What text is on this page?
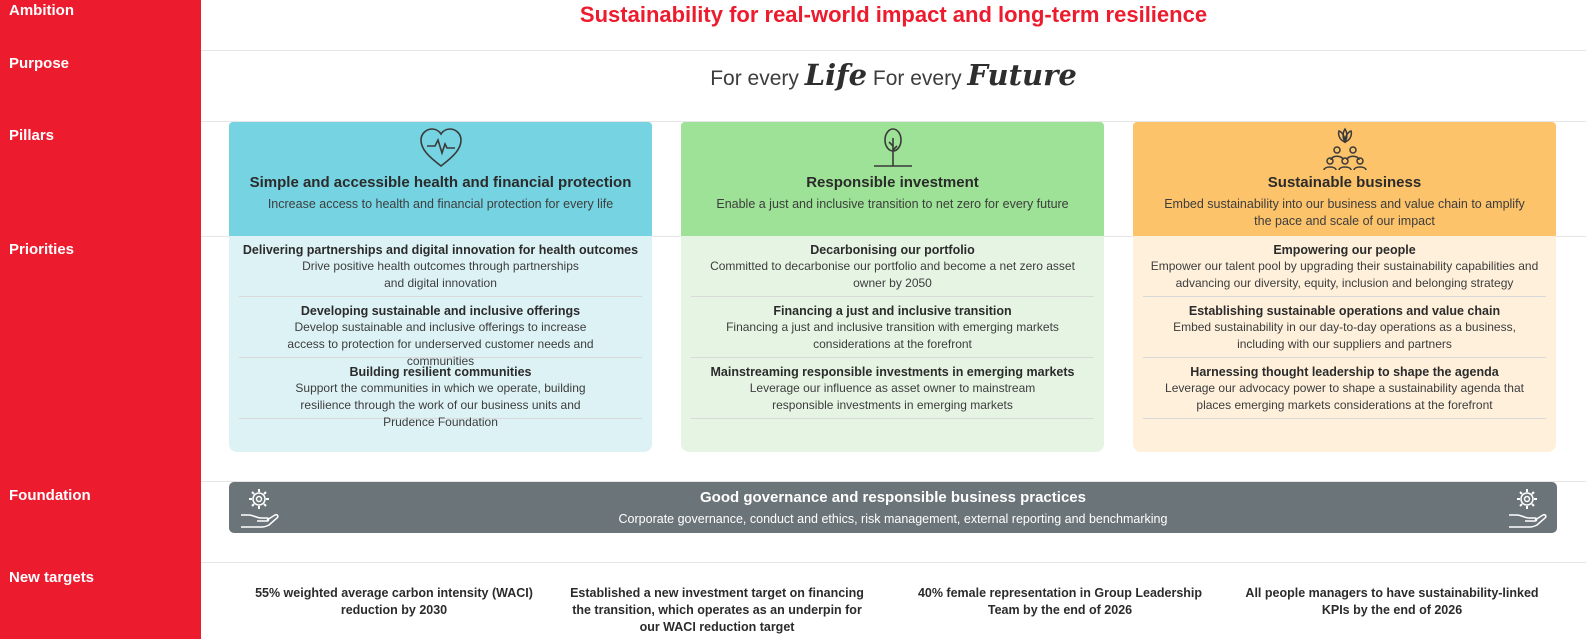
Ambition
Purpose
Pillars
Priorities
Foundation
New targets
Sustainability for real-world impact and long-term resilience
For every Life For every Future
Simple and accessible health and financial protection
Increase access to health and financial protection for every life
Responsible investment
Enable a just and inclusive transition to net zero for every future
Sustainable business
Embed sustainability into our business and value chain to amplify the pace and scale of our impact
Delivering partnerships and digital innovation for health outcomes
Drive positive health outcomes through partnerships and digital innovation
Developing sustainable and inclusive offerings
Develop sustainable and inclusive offerings to increase access to protection for underserved customer needs and communities
Building resilient communities
Support the communities in which we operate, building resilience through the work of our business units and Prudence Foundation
Decarbonising our portfolio
Committed to decarbonise our portfolio and become a net zero asset owner by 2050
Financing a just and inclusive transition
Financing a just and inclusive transition with emerging markets considerations at the forefront
Mainstreaming responsible investments in emerging markets
Leverage our influence as asset owner to mainstream responsible investments in emerging markets
Empowering our people
Empower our talent pool by upgrading their sustainability capabilities and advancing our diversity, equity, inclusion and belonging strategy
Establishing sustainable operations and value chain
Embed sustainability in our day-to-day operations as a business, including with our suppliers and partners
Harnessing thought leadership to shape the agenda
Leverage our advocacy power to shape a sustainability agenda that places emerging markets considerations at the forefront
Good governance and responsible business practices
Corporate governance, conduct and ethics, risk management, external reporting and benchmarking
55% weighted average carbon intensity (WACI) reduction by 2030
Established a new investment target on financing the transition, which operates as an underpin for our WACI reduction target
40% female representation in Group Leadership Team by the end of 2026
All people managers to have sustainability-linked KPIs by the end of 2026
